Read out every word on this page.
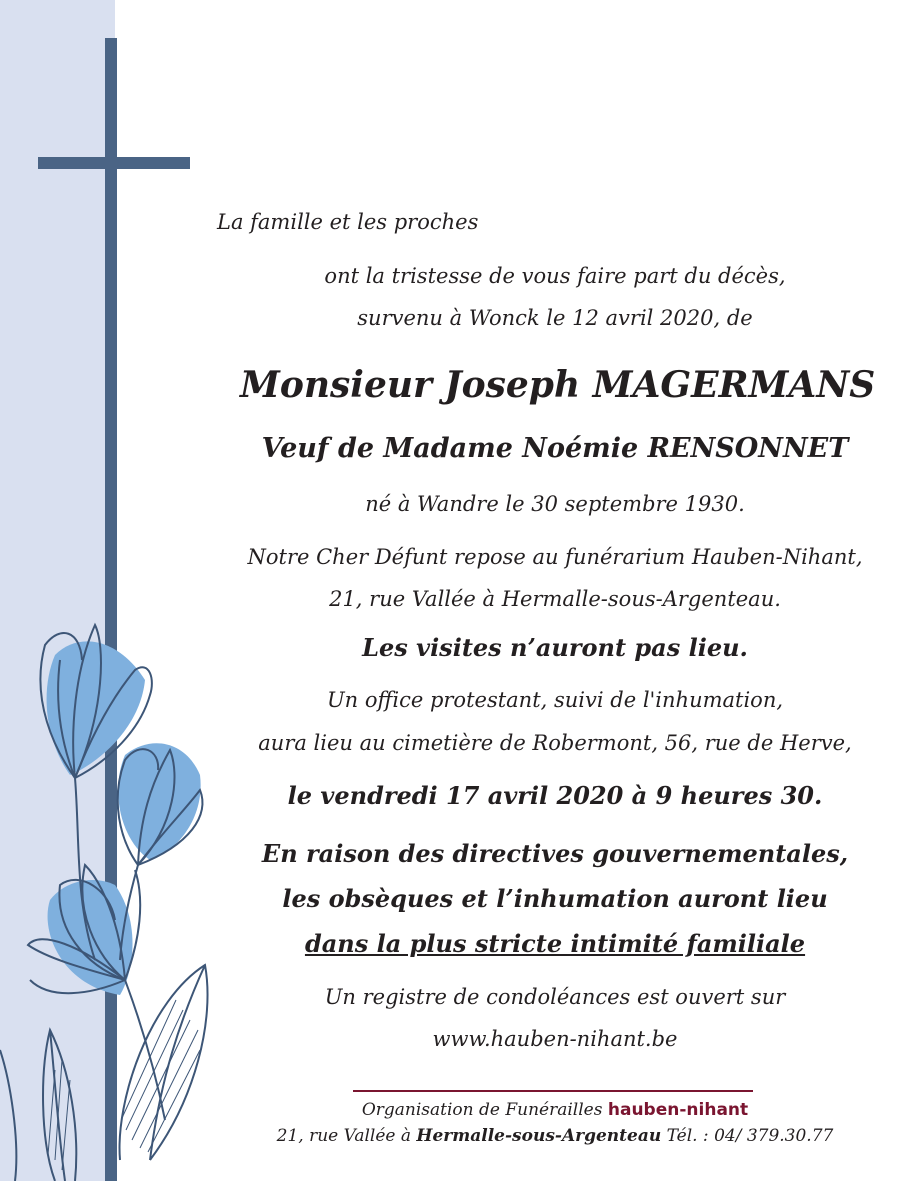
La famille et les proches
ont la tristesse de vous faire part du décès,
survenu à Wonck le 12 avril 2020, de
Monsieur Joseph MAGERMANS
Veuf de Madame Noémie RENSONNET
né à Wandre le 30 septembre 1930.
Notre Cher Défunt repose au funérarium Hauben-Nihant,
21, rue Vallée à Hermalle-sous-Argenteau.
Les visites n’auront pas lieu.
Un office protestant, suivi de l'inhumation,
aura lieu au cimetière de Robermont, 56, rue de Herve,
le vendredi 17 avril 2020 à 9 heures 30.
En raison des directives gouvernementales,
les obsèques et l’inhumation auront lieu
dans la plus stricte intimité familiale
Un registre de condoléances est ouvert sur
www.hauben-nihant.be
Organisation de Funérailles hauben-nihant
21, rue Vallée à Hermalle-sous-Argenteau Tél. : 04/ 379.30.77
